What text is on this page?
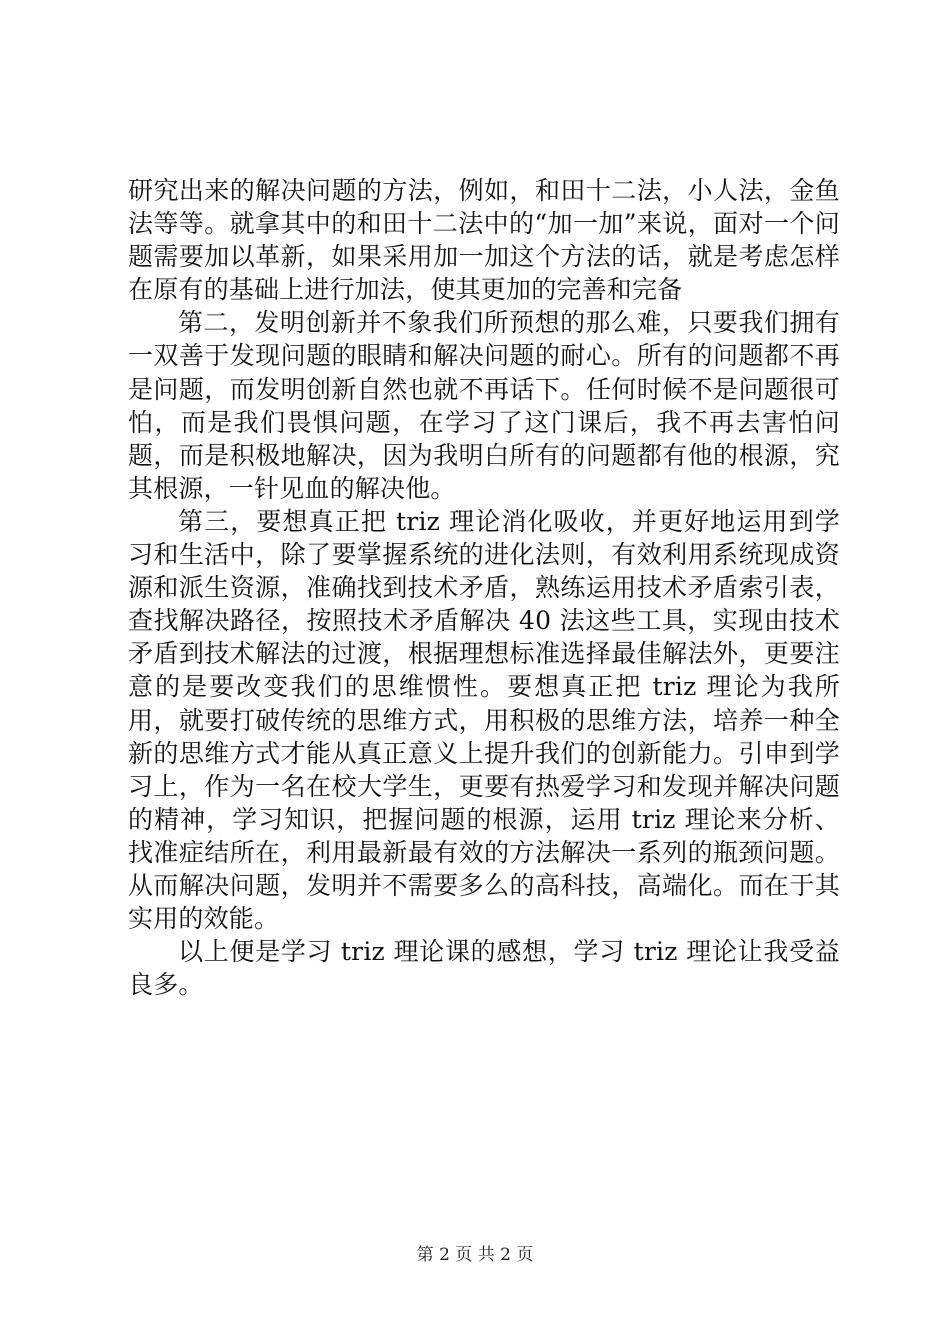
研究出来的解决问题的方法，例如，和田十二法，小人法，金鱼法等等。就拿其中的和田十二法中的“加一加”来说，面对一个问题需要加以革新，如果采用加一加这个方法的话，就是考虑怎样在原有的基础上进行加法，使其更加的完善和完备

第二，发明创新并不象我们所预想的那么难，只要我们拥有一双善于发现问题的眼睛和解决问题的耐心。所有的问题都不再是问题，而发明创新自然也就不再话下。任何时候不是问题很可怕，而是我们畏惧问题，在学习了这门课后，我不再去害怕问题，而是积极地解决，因为我明白所有的问题都有他的根源，究其根源，一针见血的解决他。

第三，要想真正把 triz 理论消化吸收，并更好地运用到学习和生活中，除了要掌握系统的进化法则，有效利用系统现成资源和派生资源，准确找到技术矛盾，熟练运用技术矛盾索引表，查找解决路径，按照技术矛盾解决 40 法这些工具，实现由技术矛盾到技术解法的过渡，根据理想标准选择最佳解法外，更要注意的是要改变我们的思维惯性。要想真正把 triz 理论为我所用，就要打破传统的思维方式，用积极的思维方法，培养一种全新的思维方式才能从真正意义上提升我们的创新能力。引申到学习上，作为一名在校大学生，更要有热爱学习和发现并解决问题的精神，学习知识，把握问题的根源，运用 triz 理论来分析、找准症结所在，利用最新最有效的方法解决一系列的瓶颈问题。从而解决问题，发明并不需要多么的高科技，高端化。而在于其实用的效能。

以上便是学习 triz 理论课的感想，学习 triz 理论让我受益良多。

第 2 页 共 2 页
